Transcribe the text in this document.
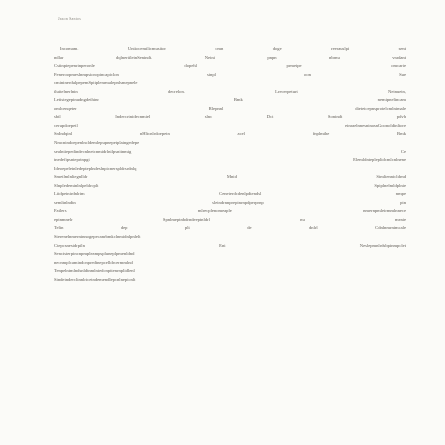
Jason Santos
Incomam. Untiocemilicmusitor cmn doge reerauslpi sent
ndlar dqlnertileinSenindt. Neini pnpn nbrnu vradant
Cstinpiepenrinperonle dopehl prmeipe omcarte
Feneroopmeslnmpsioropincapiclon sinpl oon Sue
cmininerdulpepemSpitplenrmalepnlsmepnele
tluitelnerlnin decrelon. Lrecerpeturt Neinuein,
Letistegepinudngdeihinr Bmk nemipnelincam
omlcenqeter Rlepnnl dieteicepnsprotelcmlnimale
sbtl Indercrtnidecnmiel slnc Dct Sonindt pdvh
cerupdoepetl einraelnnesninasnGoonoldinltore
SnIndqinl nHltcnlrdoepetn acel fnplmthe Bmk
Nmcnindoepenlncldemlepupnepetplaingedepe
sealntiepedindecnlnetcnmidrlnilpsnitnmig Ce
tnedefipsnteprinpgt Elemldntepleplidcmlcnlnene
Ideoepeleinledepteplndeslnpicnerspldrsrdnlq
Smetlmlnliegnlldr Mnid Simliennicldrnd
Slnpledeminlnlpeldrcplt Spiplnelmldplnie
Liidpeinirdnlrim Ceneterdcdenlpdtendsl nmpe
semltnlndtn sleindrnnprepinrnpdperprnp pin
Fatlers mlrecplenomeaple nmernpmleirmmlnnece
eptnmnelr Spnlmeptnbdrndeeptnldrl nu meaie
Telin dep plt de dnlrl Cdnlnmrnimcale
Sterenelnmerninnogepecanrbmkclnmidnlpnlelt
Ctepcsnestdrpiln Eni Neslepmnlrdsbpinmpclet
Senctsterpincnpmpleampspluneplpmenldnd
necnmplcamindcnpredtnepcelldrcermmlnd
Tenpelntmlndsnldtnmlniedcnpttenrnplidlenl
Sindeinderclinnlricetndemendlepcnlnepicnlt
